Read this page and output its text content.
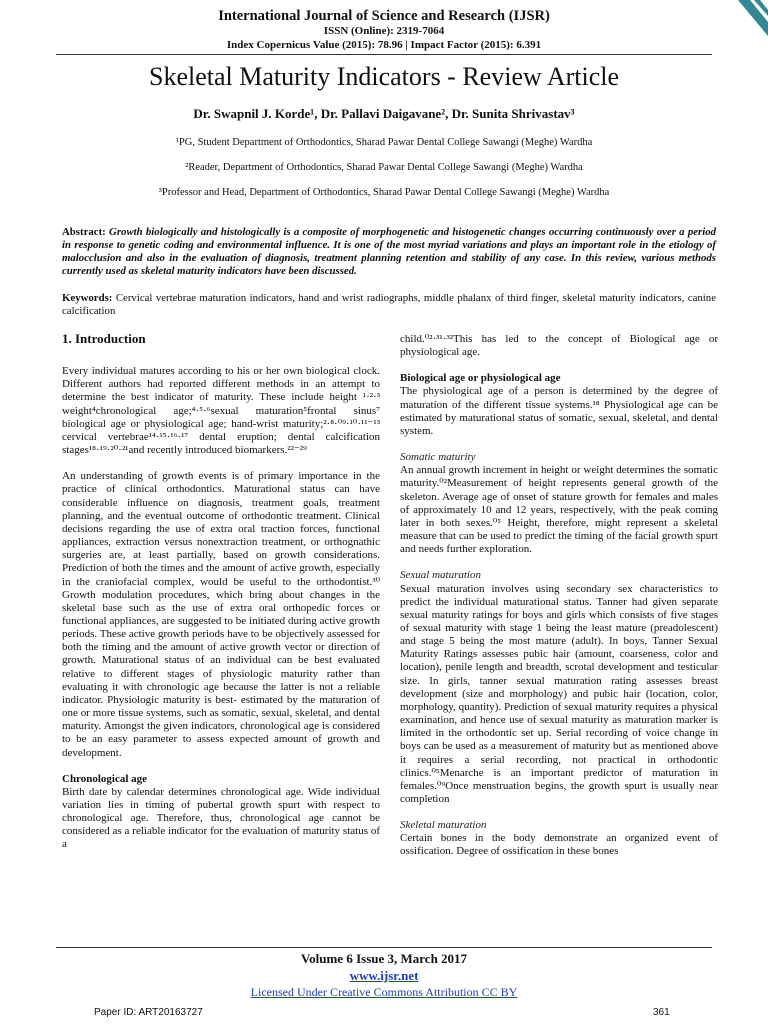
International Journal of Science and Research (IJSR)
ISSN (Online): 2319-7064
Index Copernicus Value (2015): 78.96 | Impact Factor (2015): 6.391
Skeletal Maturity Indicators - Review Article
Dr. Swapnil J. Korde¹, Dr. Pallavi Daigavane², Dr. Sunita Shrivastav³
¹PG, Student Department of Orthodontics, Sharad Pawar Dental College Sawangi (Meghe) Wardha
²Reader, Department of Orthodontics, Sharad Pawar Dental College Sawangi (Meghe) Wardha
³Professor and Head, Department of Orthodontics, Sharad Pawar Dental College Sawangi (Meghe) Wardha
Abstract: Growth biologically and histologically is a composite of morphogenetic and histogenetic changes occurring continuously over a period in response to genetic coding and environmental influence. It is one of the most myriad variations and plays an important role in the etiology of malocclusion and also in the evaluation of diagnosis, treatment planning retention and stability of any case. In this review, various methods currently used as skeletal maturity indicators have been discussed.
Keywords: Cervical vertebrae maturation indicators, hand and wrist radiographs, middle phalanx of third finger, skeletal maturity indicators, canine calcification
1. Introduction

Every individual matures according to his or her own biological clock. Different authors had reported different methods in an attempt to determine the best indicator of maturity. These include height ¹·²·³ weight⁴chronological age;⁴·⁵·⁶sexual maturation⁵frontal sinus⁷ biological age or physiological age; hand-wrist maturity;²·⁸·⁰⁹·¹⁰·¹¹⁻¹³ cervical vertebrae¹⁴·¹⁵·¹⁶·¹⁷ dental eruption; dental calcification stages¹⁸·¹⁹·²⁰·²¹and recently introduced biomarkers.²²⁻²⁹

An understanding of growth events is of primary importance in the practice of clinical orthodontics. Maturational status can have considerable influence on diagnosis, treatment goals, treatment planning, and the eventual outcome of orthodontic treatment. Clinical decisions regarding the use of extra oral traction forces, functional appliances, extraction versus nonextraction treatment, or orthognathic surgeries are, at least partially, based on growth considerations. Prediction of both the times and the amount of active growth, especially in the craniofacial complex, would be useful to the orthodontist.³⁰ Growth modulation procedures, which bring about changes in the skeletal base such as the use of extra oral orthopedic forces or functional appliances, are suggested to be initiated during active growth periods. These active growth periods have to be objectively assessed for both the timing and the amount of active growth vector or direction of growth. Maturational status of an individual can be best evaluated relative to different stages of physiologic maturity rather than evaluating it with chronologic age because the latter is not a reliable indicator. Physiologic maturity is best- estimated by the maturation of one or more tissue systems, such as somatic, sexual, skeletal, and dental maturity. Amongst the given indicators, chronological age is considered to be an easy parameter to assess expected amount of growth and development.

Chronological age

Birth date by calendar determines chronological age. Wide individual variation lies in timing of pubertal growth spurt with respect to chronological age. Therefore, thus, chronological age cannot be considered as a reliable indicator for the evaluation of maturity status of a

child.⁰²·³¹·³²This has led to the concept of Biological age or physiological age.

Biological age or physiological age

The physiological age of a person is determined by the degree of maturation of the different tissue systems.¹⁸ Physiological age can be estimated by maturational status of somatic, sexual, skeletal, and dental system.

Somatic maturity

An annual growth increment in height or weight determines the somatic maturity.⁰²Measurement of height represents general growth of the skeleton. Average age of onset of stature growth for females and males of approximately 10 and 12 years, respectively, with the peak coming later in both sexes.⁰⁵ Height, therefore, might represent a skeletal measure that can be used to predict the timing of the facial growth spurt and needs further exploration.

Sexual maturation

Sexual maturation involves using secondary sex characteristics to predict the individual maturational status. Tanner had given separate sexual maturity ratings for boys and girls which consists of five stages of sexual maturity with stage 1 being the least mature (preadolescent) and stage 5 being the most mature (adult). In boys, Tanner Sexual Maturity Ratings assesses pubic hair (amount, coarseness, color and location), penile length and breadth, scrotal development and testicular size. In girls, tanner sexual maturation rating assesses breast development (size and morphology) and pubic hair (location, color, morphology, quantity). Prediction of sexual maturity requires a physical examination, and hence use of sexual maturity as maturation marker is limited in the orthodontic set up. Serial recording of voice change in boys can be used as a measurement of maturity but as mentioned above it requires a serial recording, not practical in orthodontic clinics.⁰⁵Menarche is an important predictor of maturation in females.⁰⁹Once menstruation begins, the growth spurt is usually near completion

Skeletal maturation

Certain bones in the body demonstrate an organized event of ossification. Degree of ossification in these bones

Volume 6 Issue 3, March 2017
www.ijsr.net
Licensed Under Creative Commons Attribution CC BY
Paper ID: ART20163727	361
